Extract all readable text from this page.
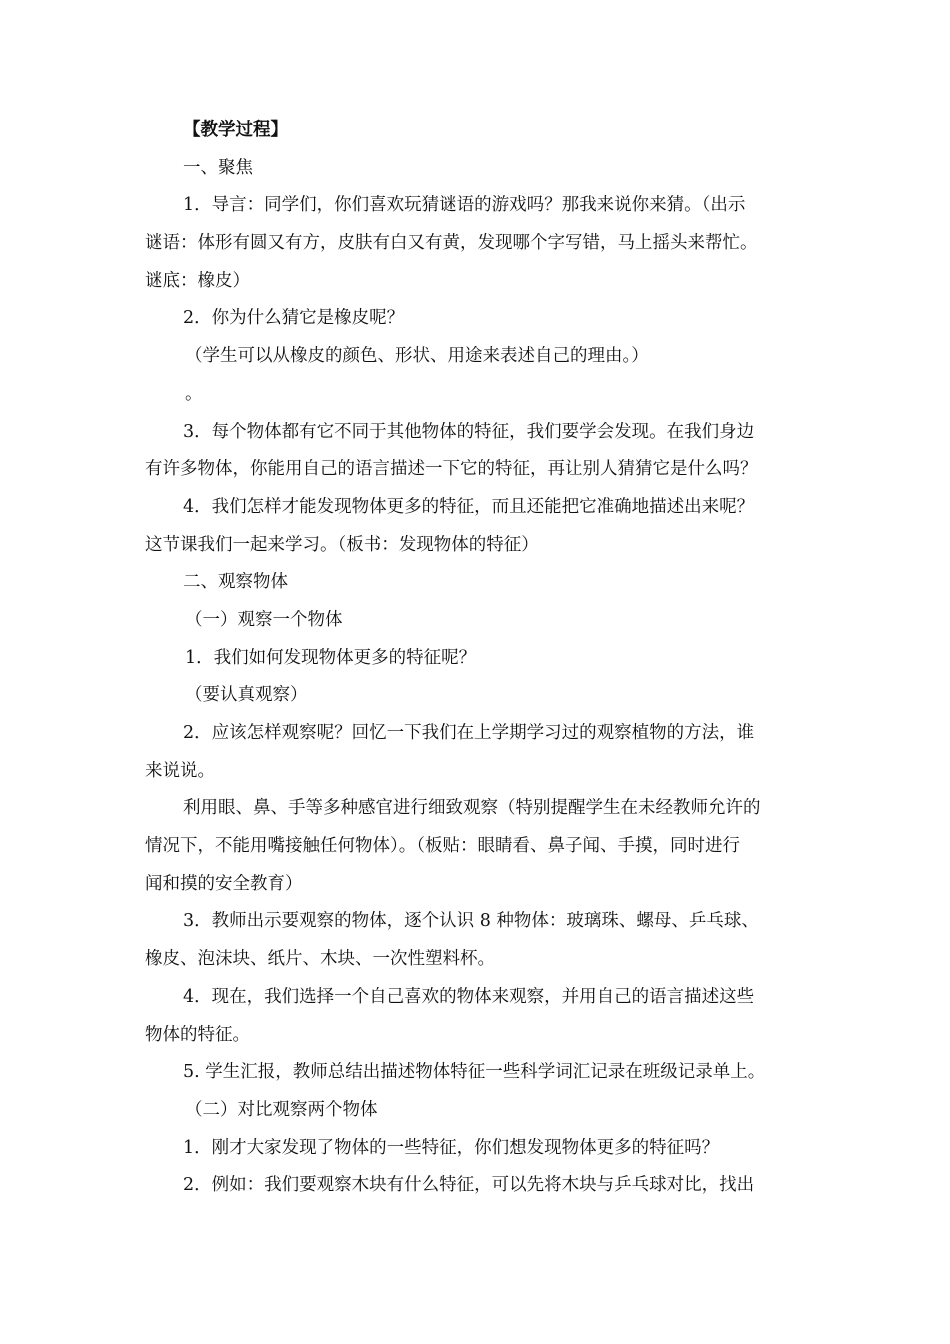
【教学过程】
一、聚焦
1．导言：同学们，你们喜欢玩猜谜语的游戏吗？那我来说你来猜。（出示
谜语：体形有圆又有方，皮肤有白又有黄，发现哪个字写错，马上摇头来帮忙。
谜底：橡皮）
2．你为什么猜它是橡皮呢？
（学生可以从橡皮的颜色、形状、用途来表述自己的理由。）
。
3．每个物体都有它不同于其他物体的特征，我们要学会发现。在我们身边
有许多物体，你能用自己的语言描述一下它的特征，再让别人猜猜它是什么吗？
4．我们怎样才能发现物体更多的特征，而且还能把它准确地描述出来呢？
这节课我们一起来学习。（板书：发现物体的特征）
二、观察物体
（一）观察一个物体
1．我们如何发现物体更多的特征呢？
（要认真观察）
2．应该怎样观察呢？回忆一下我们在上学期学习过的观察植物的方法，谁
来说说。
利用眼、鼻、手等多种感官进行细致观察（特别提醒学生在未经教师允许的
情况下，不能用嘴接触任何物体）。（板贴：眼睛看、鼻子闻、手摸，同时进行
闻和摸的安全教育）
3．教师出示要观察的物体，逐个认识 8 种物体：玻璃珠、螺母、乒乓球、
橡皮、泡沫块、纸片、木块、一次性塑料杯。
4．现在，我们选择一个自己喜欢的物体来观察，并用自己的语言描述这些
物体的特征。
5. 学生汇报，教师总结出描述物体特征一些科学词汇记录在班级记录单上。
（二）对比观察两个物体
1．刚才大家发现了物体的一些特征，你们想发现物体更多的特征吗？
2．例如：我们要观察木块有什么特征，可以先将木块与乒乓球对比，找出
